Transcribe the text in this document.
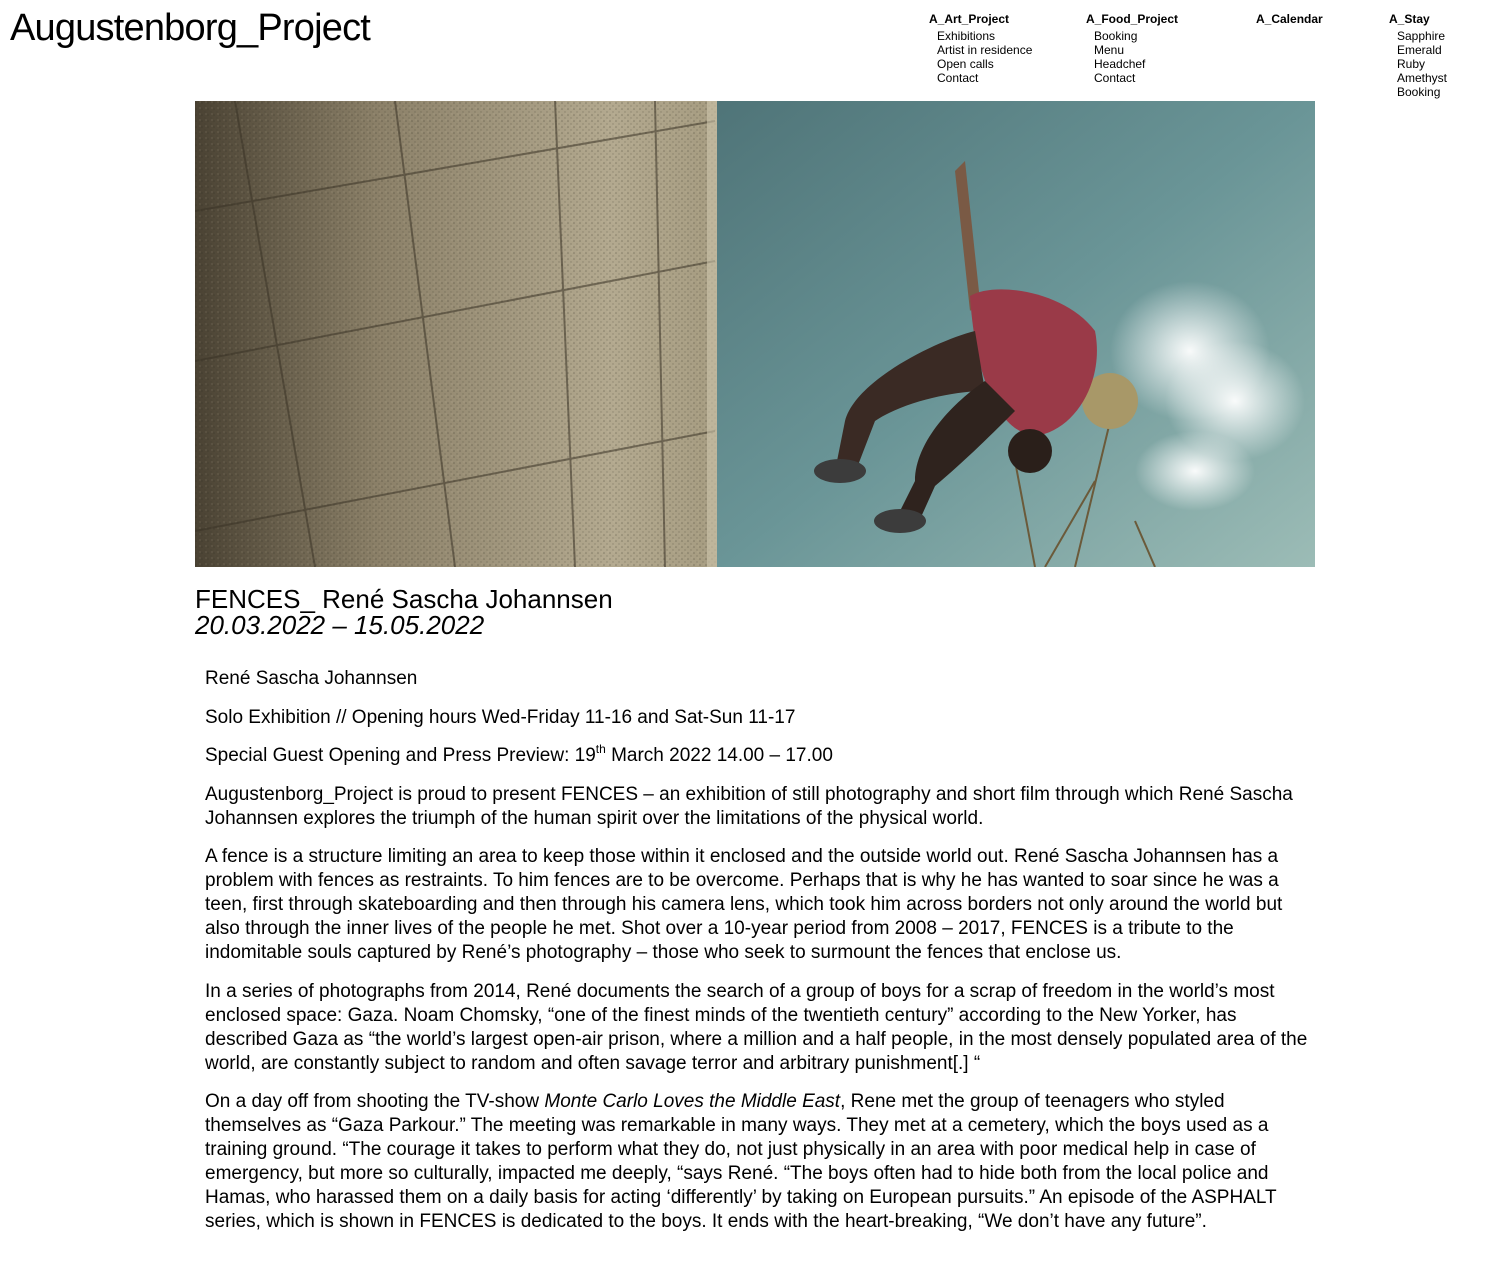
Augustenborg_Project	A_Art_Project
Exhibitions
Artist in residence
Open calls
Contact
A_Food_Project
Booking
Menu
Headchef
Contact
A_Calendar	A_Stay
Sapphire
Emerald
Ruby
Amethyst
Booking
FENCES_ René Sascha Johannsen

20.03.2022 – 15.05.2022

René Sascha Johannsen

Solo Exhibition // Opening hours Wed-Friday 11-16 and Sat-Sun 11-17

Special Guest Opening and Press Preview: 19th March 2022 14.00 – 17.00

Augustenborg_Project is proud to present FENCES – an exhibition of still photography and short film through which René Sascha Johannsen explores the triumph of the human spirit over the limitations of the physical world.

A fence is a structure limiting an area to keep those within it enclosed and the outside world out. René Sascha Johannsen has a problem with fences as restraints. To him fences are to be overcome. Perhaps that is why he has wanted to soar since he was a teen, first through skateboarding and then through his camera lens, which took him across borders not only around the world but also through the inner lives of the people he met. Shot over a 10-year period from 2008 – 2017, FENCES is a tribute to the indomitable souls captured by René’s photography – those who seek to surmount the fences that enclose us.

In a series of photographs from 2014, René documents the search of a group of boys for a scrap of freedom in the world’s most enclosed space: Gaza. Noam Chomsky, “one of the finest minds of the twentieth century” according to the New Yorker, has described Gaza as “the world’s largest open-air prison, where a million and a half people, in the most densely populated area of the world, are constantly subject to random and often savage terror and arbitrary punishment[.] “

On a day off from shooting the TV-show Monte Carlo Loves the Middle East, Rene met the group of teenagers who styled themselves as “Gaza Parkour.” The meeting was remarkable in many ways. They met at a cemetery, which the boys used as a training ground. “The courage it takes to perform what they do, not just physically in an area with poor medical help in case of emergency, but more so culturally, impacted me deeply, “says René. “The boys often had to hide both from the local police and Hamas, who harassed them on a daily basis for acting ‘differently’ by taking on European pursuits.” An episode of the ASPHALT series, which is shown in FENCES is dedicated to the boys. It ends with the heart-breaking, “We don’t have any future”.
